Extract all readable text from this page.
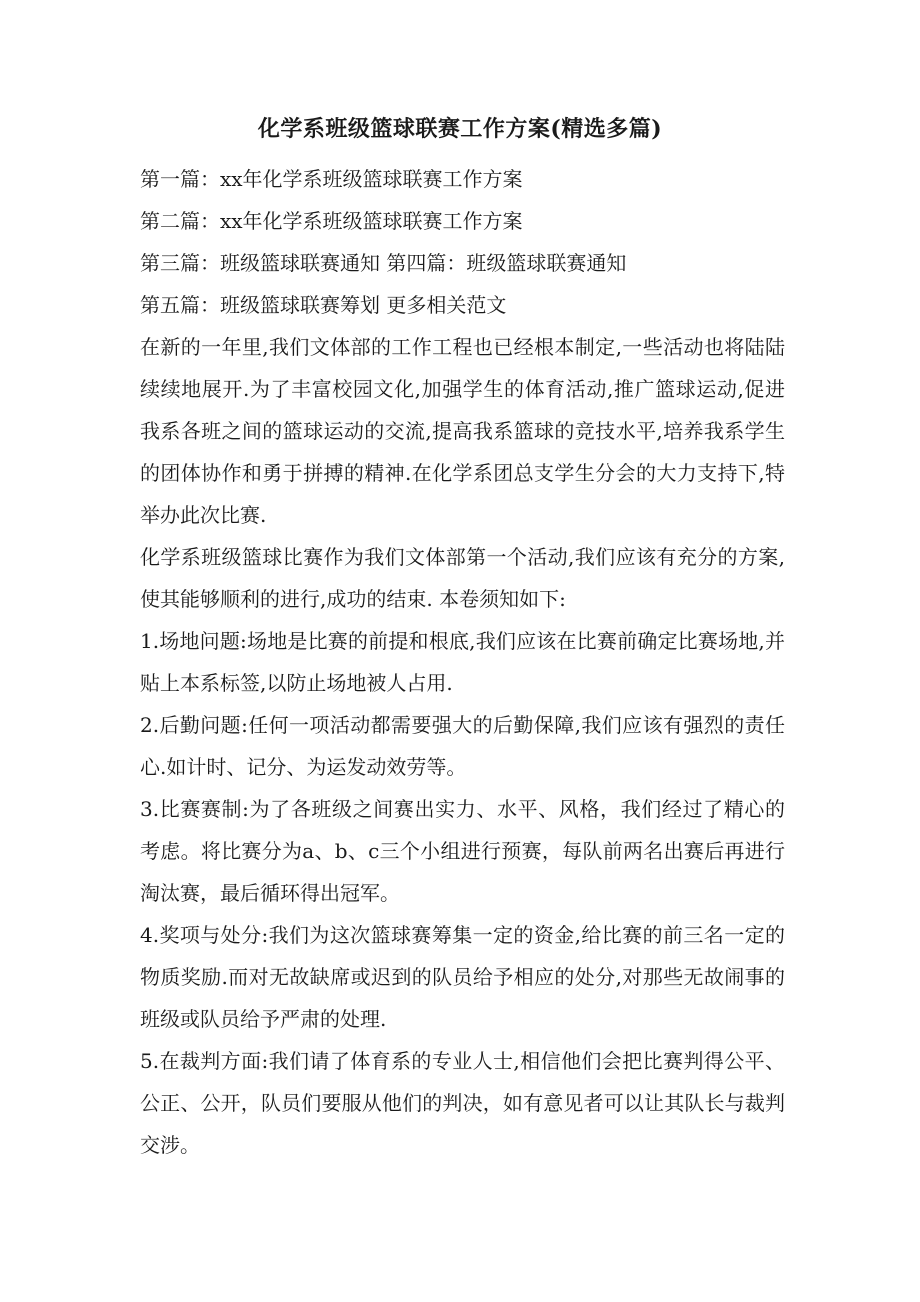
化学系班级篮球联赛工作方案(精选多篇)

第一篇：xx年化学系班级篮球联赛工作方案

第二篇：xx年化学系班级篮球联赛工作方案

第三篇：班级篮球联赛通知 第四篇：班级篮球联赛通知

第五篇：班级篮球联赛筹划 更多相关范文

在新的一年里,我们文体部的工作工程也已经根本制定,一些活动也将陆陆续续地展开.为了丰富校园文化,加强学生的体育活动,推广篮球运动,促进我系各班之间的篮球运动的交流,提高我系篮球的竞技水平,培养我系学生的团体协作和勇于拼搏的精神.在化学系团总支学生分会的大力支持下,特举办此次比赛.

化学系班级篮球比赛作为我们文体部第一个活动,我们应该有充分的方案,使其能够顺利的进行,成功的结束. 本卷须知如下:

1.场地问题:场地是比赛的前提和根底,我们应该在比赛前确定比赛场地,并贴上本系标签,以防止场地被人占用.

2.后勤问题:任何一项活动都需要强大的后勤保障,我们应该有强烈的责任心.如计时、记分、为运发动效劳等。

3.比赛赛制:为了各班级之间赛出实力、水平、风格，我们经过了精心的考虑。将比赛分为a、b、c三个小组进行预赛，每队前两名出赛后再进行淘汰赛，最后循环得出冠军。

4.奖项与处分:我们为这次篮球赛筹集一定的资金,给比赛的前三名一定的物质奖励.而对无故缺席或迟到的队员给予相应的处分,对那些无故闹事的班级或队员给予严肃的处理.

5.在裁判方面:我们请了体育系的专业人士,相信他们会把比赛判得公平、公正、公开，队员们要服从他们的判决，如有意见者可以让其队长与裁判交涉。
